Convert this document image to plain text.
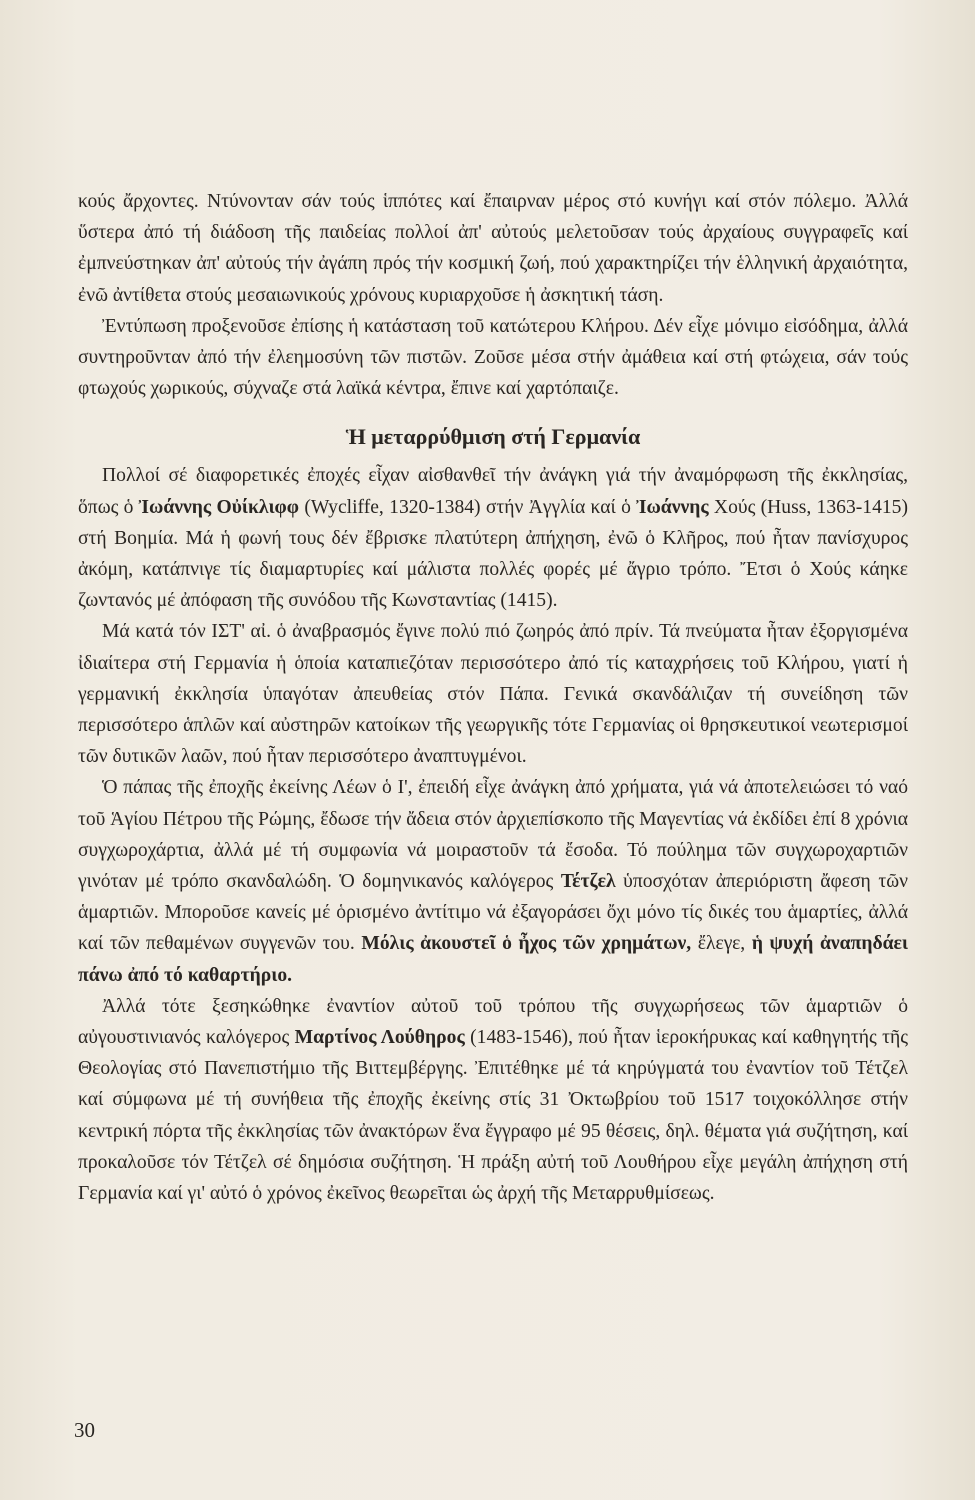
κούς ἄρχοντες. Ντύνονταν σάν τούς ἱππότες καί ἔπαιρναν μέρος στό κυνήγι καί στόν πόλεμο. Ἀλλά ὕστερα ἀπό τή διάδοση τῆς παιδείας πολλοί ἀπ' αὐτούς μελετοῦσαν τούς ἀρχαίους συγγραφεῖς καί ἐμπνεύστηκαν ἀπ' αὐτούς τήν ἀγάπη πρός τήν κοσμική ζωή, πού χαρακτηρίζει τήν ἑλληνική ἀρχαιότητα, ἐνῶ ἀντίθετα στούς μεσαιωνικούς χρόνους κυριαρχοῦσε ἡ ἀσκητική τάση.

Ἐντύπωση προξενοῦσε ἐπίσης ἡ κατάσταση τοῦ κατώτερου Κλήρου. Δέν εἶχε μόνιμο εἰσόδημα, ἀλλά συντηροῦνταν ἀπό τήν ἐλεημοσύνη τῶν πιστῶν. Ζοῦσε μέσα στήν ἀμάθεια καί στή φτώχεια, σάν τούς φτωχούς χωρικούς, σύχναζε στά λαϊκά κέντρα, ἔπινε καί χαρτόπαιζε.

Ἡ μεταρρύθμιση στή Γερμανία

Πολλοί σέ διαφορετικές ἐποχές εἶχαν αἰσθανθεῖ τήν ἀνάγκη γιά τήν ἀναμόρφωση τῆς ἐκκλησίας, ὅπως ὁ Ἰωάννης Οὐίκλιφφ (Wycliffe, 1320-1384) στήν Ἀγγλία καί ὁ Ἰωάννης Χούς (Huss, 1363-1415) στή Βοημία. Μά ἡ φωνή τους δέν ἔβρισκε πλατύτερη ἀπήχηση, ἐνῶ ὁ Κλῆρος, πού ἦταν πανίσχυρος ἀκόμη, κατάπνιγε τίς διαμαρτυρίες καί μάλιστα πολλές φορές μέ ἄγριο τρόπο. Ἔτσι ὁ Χούς κάηκε ζωντανός μέ ἀπόφαση τῆς συνόδου τῆς Κωνσταντίας (1415).

Μά κατά τόν ΙΣΤ' αἰ. ὁ ἀναβρασμός ἔγινε πολύ πιό ζωηρός ἀπό πρίν. Τά πνεύματα ἦταν ἐξοργισμένα ἰδιαίτερα στή Γερμανία ἡ ὁποία καταπιεζόταν περισσότερο ἀπό τίς καταχρήσεις τοῦ Κλήρου, γιατί ἡ γερμανική ἐκκλησία ὑπαγόταν ἀπευθείας στόν Πάπα. Γενικά σκανδάλιζαν τή συνείδηση τῶν περισσότερο ἁπλῶν καί αὐστηρῶν κατοίκων τῆς γεωργικῆς τότε Γερμανίας οἱ θρησκευτικοί νεωτερισμοί τῶν δυτικῶν λαῶν, πού ἦταν περισσότερο ἀναπτυγμένοι.

Ὁ πάπας τῆς ἐποχῆς ἐκείνης Λέων ὁ Ι', ἐπειδή εἶχε ἀνάγκη ἀπό χρήματα, γιά νά ἀποτελειώσει τό ναό τοῦ Ἁγίου Πέτρου τῆς Ρώμης, ἔδωσε τήν ἄδεια στόν ἀρχιεπίσκοπο τῆς Μαγεντίας νά ἐκδίδει ἐπί 8 χρόνια συγχωροχάρτια, ἀλλά μέ τή συμφωνία νά μοιραστοῦν τά ἔσοδα. Τό πούλημα τῶν συγχωροχαρτιῶν γινόταν μέ τρόπο σκανδαλώδη. Ὁ δομηνικανός καλόγερος Τέτζελ ὑποσχόταν ἀπεριόριστη ἄφεση τῶν ἁμαρτιῶν. Μποροῦσε κανείς μέ ὁρισμένο ἀντίτιμο νά ἐξαγοράσει ὄχι μόνο τίς δικές του ἁμαρτίες, ἀλλά καί τῶν πεθαμένων συγγενῶν του. Μόλις ἀκουστεῖ ὁ ἦχος τῶν χρημάτων, ἔλεγε, ἡ ψυχή ἀναπηδάει πάνω ἀπό τό καθαρτήριο.

Ἀλλά τότε ξεσηκώθηκε ἐναντίον αὐτοῦ τοῦ τρόπου τῆς συγχωρήσεως τῶν ἁμαρτιῶν ὁ αὐγουστινιανός καλόγερος Μαρτίνος Λούθηρος (1483-1546), πού ἦταν ἱεροκήρυκας καί καθηγητής τῆς Θεολογίας στό Πανεπιστήμιο τῆς Βιττεμβέργης. Ἐπιτέθηκε μέ τά κηρύγματά του ἐναντίον τοῦ Τέτζελ καί σύμφωνα μέ τή συνήθεια τῆς ἐποχῆς ἐκείνης στίς 31 Ὀκτωβρίου τοῦ 1517 τοιχοκόλλησε στήν κεντρική πόρτα τῆς ἐκκλησίας τῶν ἀνακτόρων ἕνα ἔγγραφο μέ 95 θέσεις, δηλ. θέματα γιά συζήτηση, καί προκαλοῦσε τόν Τέτζελ σέ δημόσια συζήτηση. Ἡ πράξη αὐτή τοῦ Λουθήρου εἶχε μεγάλη ἀπήχηση στή Γερμανία καί γι' αὐτό ὁ χρόνος ἐκεῖνος θεωρεῖται ὡς ἀρχή τῆς Μεταρρυθμίσεως.

30
